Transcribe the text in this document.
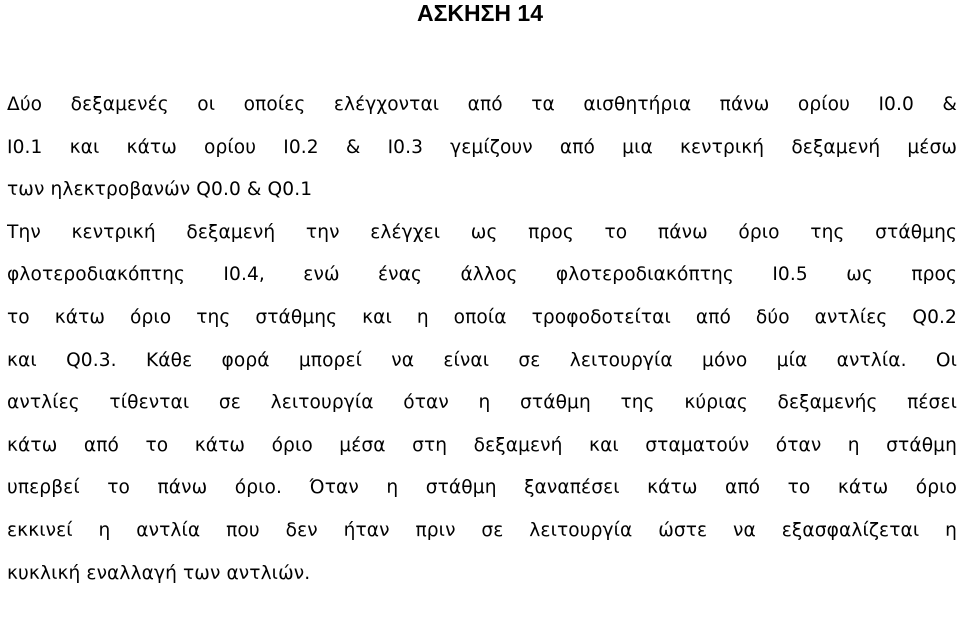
ΑΣΚΗΣΗ 14
Δύο δεξαμενές οι οποίες ελέγχονται από τα αισθητήρια πάνω ορίου Ι0.0 &
Ι0.1 και κάτω ορίου Ι0.2 & Ι0.3 γεμίζουν από μια κεντρική δεξαμενή μέσω
των ηλεκτροβανών Q0.0 & Q0.1
Την κεντρική δεξαμενή την ελέγχει ως προς το πάνω όριο της στάθμης
φλοτεροδιακόπτης I0.4, ενώ ένας άλλος φλοτεροδιακόπτης I0.5 ως προς
το κάτω όριο της στάθμης και η οποία τροφοδοτείται από δύο αντλίες Q0.2
και Q0.3. Κάθε φορά μπορεί να είναι σε λειτουργία μόνο μία αντλία. Οι
αντλίες τίθενται σε λειτουργία όταν η στάθμη της κύριας δεξαμενής πέσει
κάτω από το κάτω όριο μέσα στη δεξαμενή και σταματούν όταν η στάθμη
υπερβεί το πάνω όριο. Όταν η στάθμη ξαναπέσει κάτω από το κάτω όριο
εκκινεί η αντλία που δεν ήταν πριν σε λειτουργία ώστε να εξασφαλίζεται η
κυκλική εναλλαγή των αντλιών.
